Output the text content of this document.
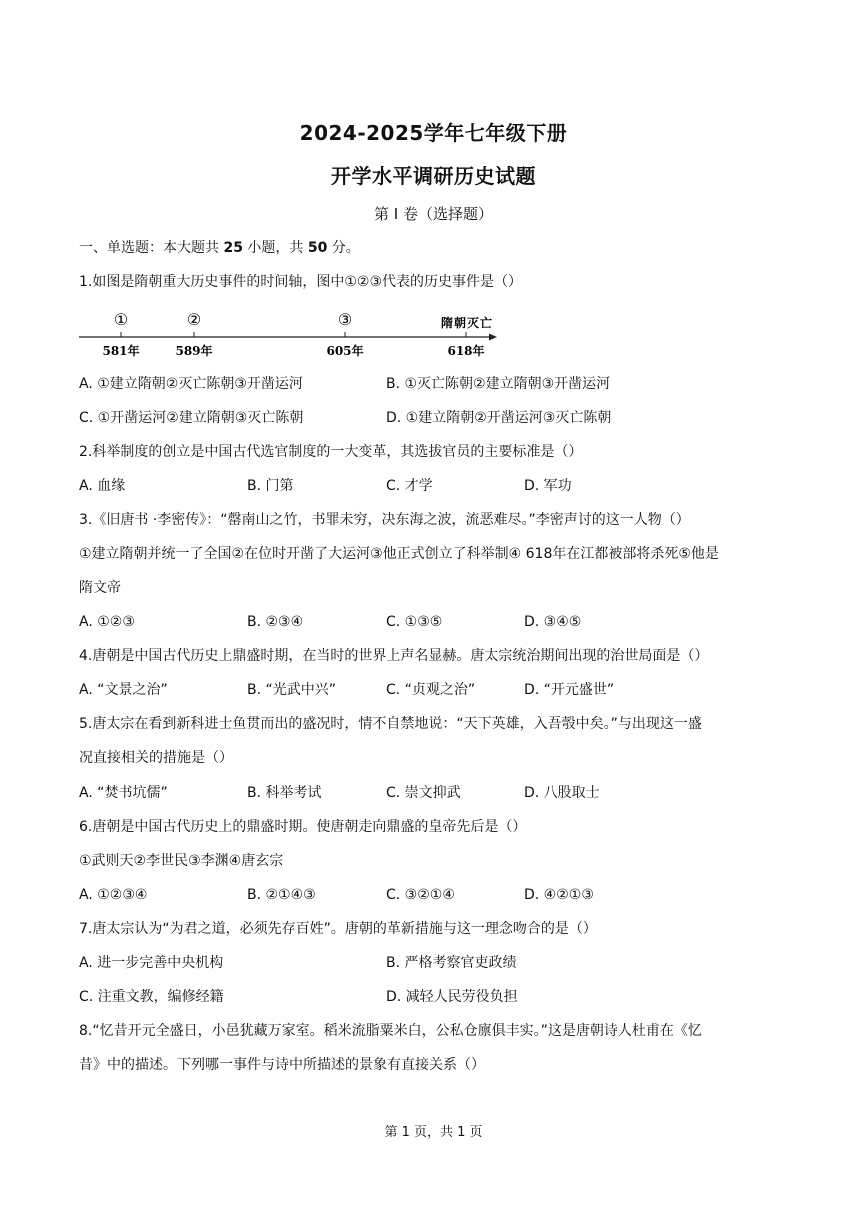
2024-2025学年七年级下册
开学水平调研历史试题
第 I 卷（选择题）
一、单选题：本大题共 25 小题，共 50 分。
1.如图是隋朝重大历史事件的时间轴，图中①②③代表的历史事件是（）
①	②	③	隋朝灭亡
581年	589年	605年	618年
A. ①建立隋朝②灭亡陈朝③开凿运河	B. ①灭亡陈朝②建立隋朝③开凿运河
C. ①开凿运河②建立隋朝③灭亡陈朝	D. ①建立隋朝②开凿运河③灭亡陈朝
2.科举制度的创立是中国古代选官制度的一大变革，其选拔官员的主要标准是（）
A. 血缘	B. 门第	C. 才学	D. 军功
3.《旧唐书 ·李密传》：“罄南山之竹，书罪未穷，决东海之波，流恶难尽。”李密声讨的这一人物（）
①建立隋朝并统一了全国②在位时开凿了大运河③他正式创立了科举制④ 618年在江都被部将杀死⑤他是
隋文帝
A. ①②③	B. ②③④	C. ①③⑤	D. ③④⑤
4.唐朝是中国古代历史上鼎盛时期，在当时的世界上声名显赫。唐太宗统治期间出现的治世局面是（）
A. “文景之治”	B. “光武中兴”	C. “贞观之治”	D. “开元盛世”
5.唐太宗在看到新科进士鱼贯而出的盛况时，情不自禁地说：“天下英雄，入吾彀中矣。”与出现这一盛
况直接相关的措施是（）
A. “焚书坑儒”	B. 科举考试	C. 崇文抑武	D. 八股取士
6.唐朝是中国古代历史上的鼎盛时期。使唐朝走向鼎盛的皇帝先后是（）
①武则天②李世民③李渊④唐玄宗
A. ①②③④	B. ②①④③	C. ③②①④	D. ④②①③
7.唐太宗认为“为君之道，必须先存百姓”。唐朝的革新措施与这一理念吻合的是（）
A. 进一步完善中央机构	B. 严格考察官吏政绩
C. 注重文教，编修经籍	D. 减轻人民劳役负担
8.“忆昔开元全盛日，小邑犹藏万家室。稻米流脂粟米白，公私仓廪俱丰实。”这是唐朝诗人杜甫在《忆
昔》中的描述。下列哪一事件与诗中所描述的景象有直接关系（）
第 1 页，共 1 页
